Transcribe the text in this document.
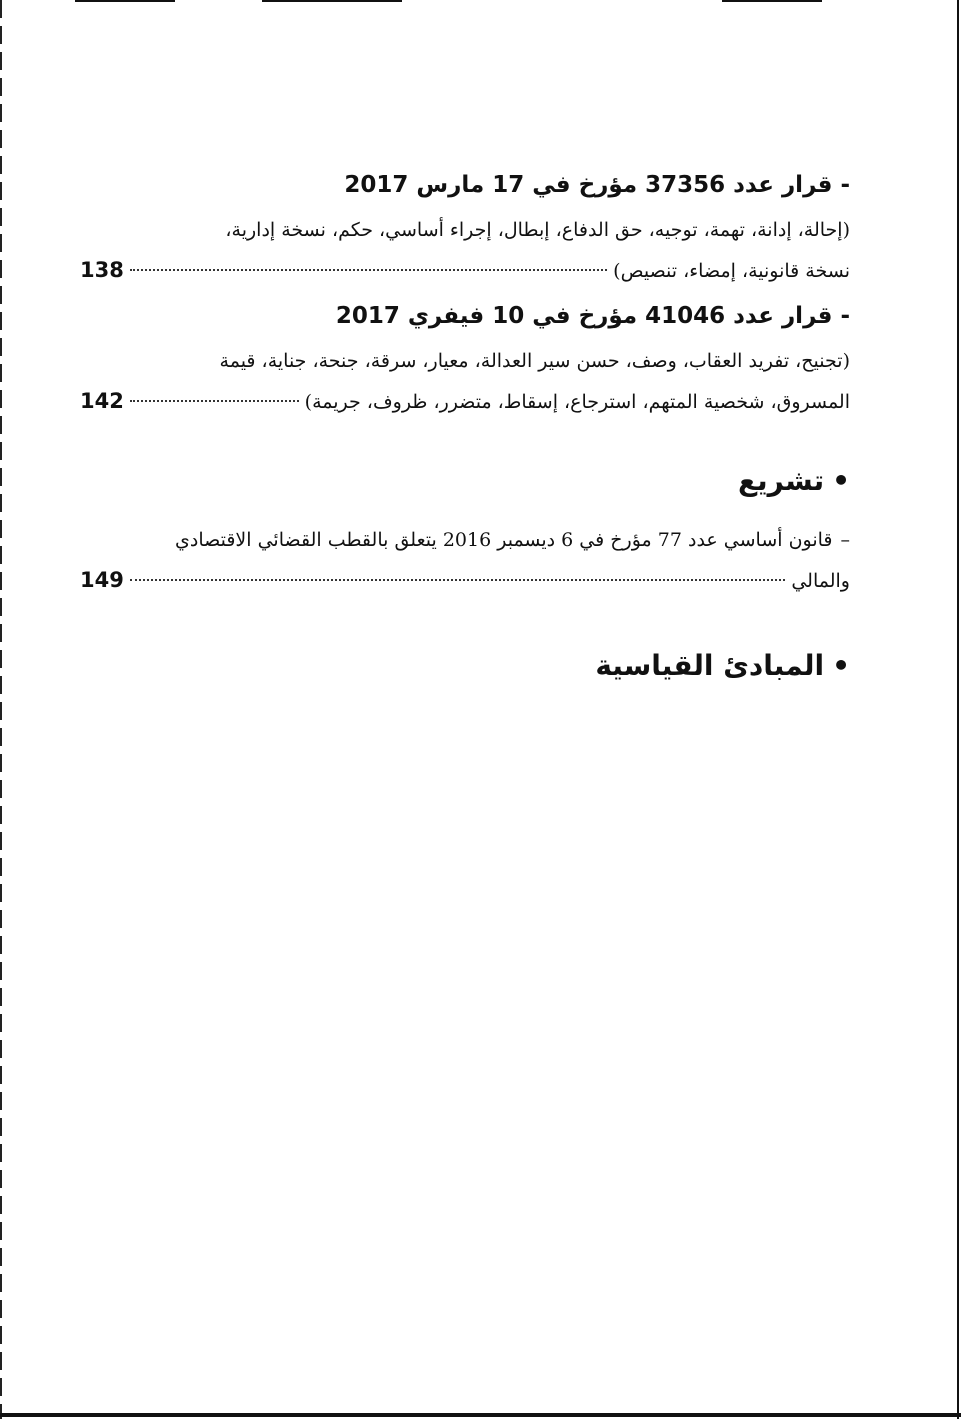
- قرار عدد 37356 مؤرخ في 17 مارس 2017
(إحالة، إدانة، تهمة، توجيه، حق الدفاع، إبطال، إجراء أساسي، حكم، نسخة إدارية،
نسخة قانونية، إمضاء، تنصيص)
138
- قرار عدد 41046 مؤرخ في 10 فيفري 2017
(تجنيح، تفريد العقاب، وصف، حسن سير العدالة، معيار، سرقة، جنحة، جناية، قيمة
المسروق، شخصية المتهم، استرجاع، إسقاط، متضرر، ظروف، جريمة)
142
•تشريع
–قانون أساسي عدد 77 مؤرخ في 6 ديسمبر 2016 يتعلق بالقطب القضائي الاقتصادي
والمالي
149
•المبادئ القياسية
